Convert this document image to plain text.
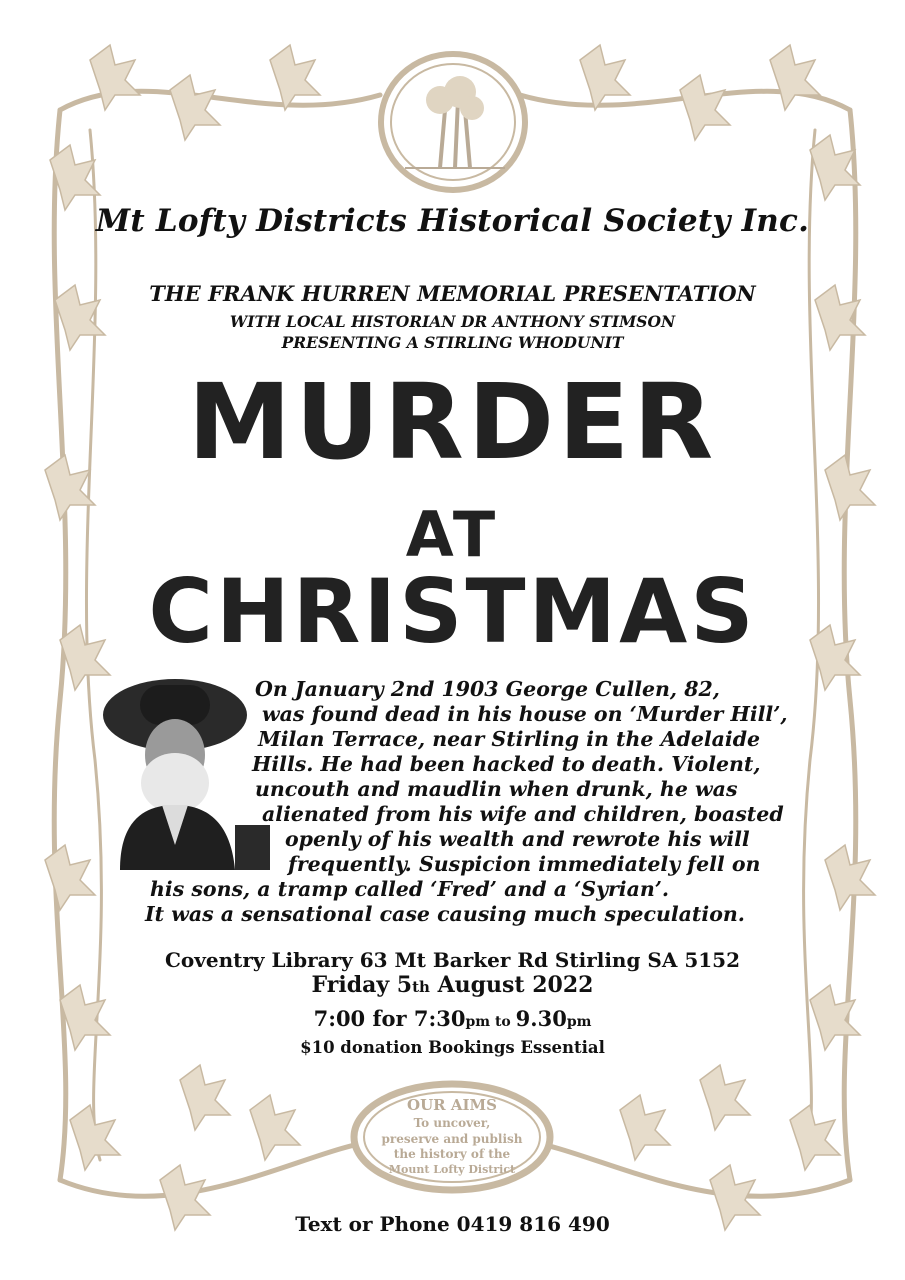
Mt Lofty Districts Historical Society Inc.
THE FRANK HURREN MEMORIAL PRESENTATION
WITH LOCAL HISTORIAN DR ANTHONY STIMSON
PRESENTING A STIRLING WHODUNIT
MURDER
AT
CHRISTMAS
On January 2nd 1903 George Cullen, 82,
was found dead in his house on ‘Murder Hill’,
Milan Terrace, near Stirling in the Adelaide
Hills. He had been hacked to death. Violent,
uncouth and maudlin when drunk, he was
alienated from his wife and children, boasted
openly of his wealth and rewrote his will
frequently. Suspicion immediately fell on
his sons, a tramp called ‘Fred’ and a ‘Syrian’.
It was a sensational case causing much speculation.
Coventry Library 63 Mt Barker Rd Stirling SA 5152
Friday 5th August 2022
7:00 for 7:30pm to 9.30pm
$10 donation Bookings Essential
OUR AIMS
To uncover,
preserve and publish
the history of the
Mount Lofty District
Text or Phone 0419 816 490
